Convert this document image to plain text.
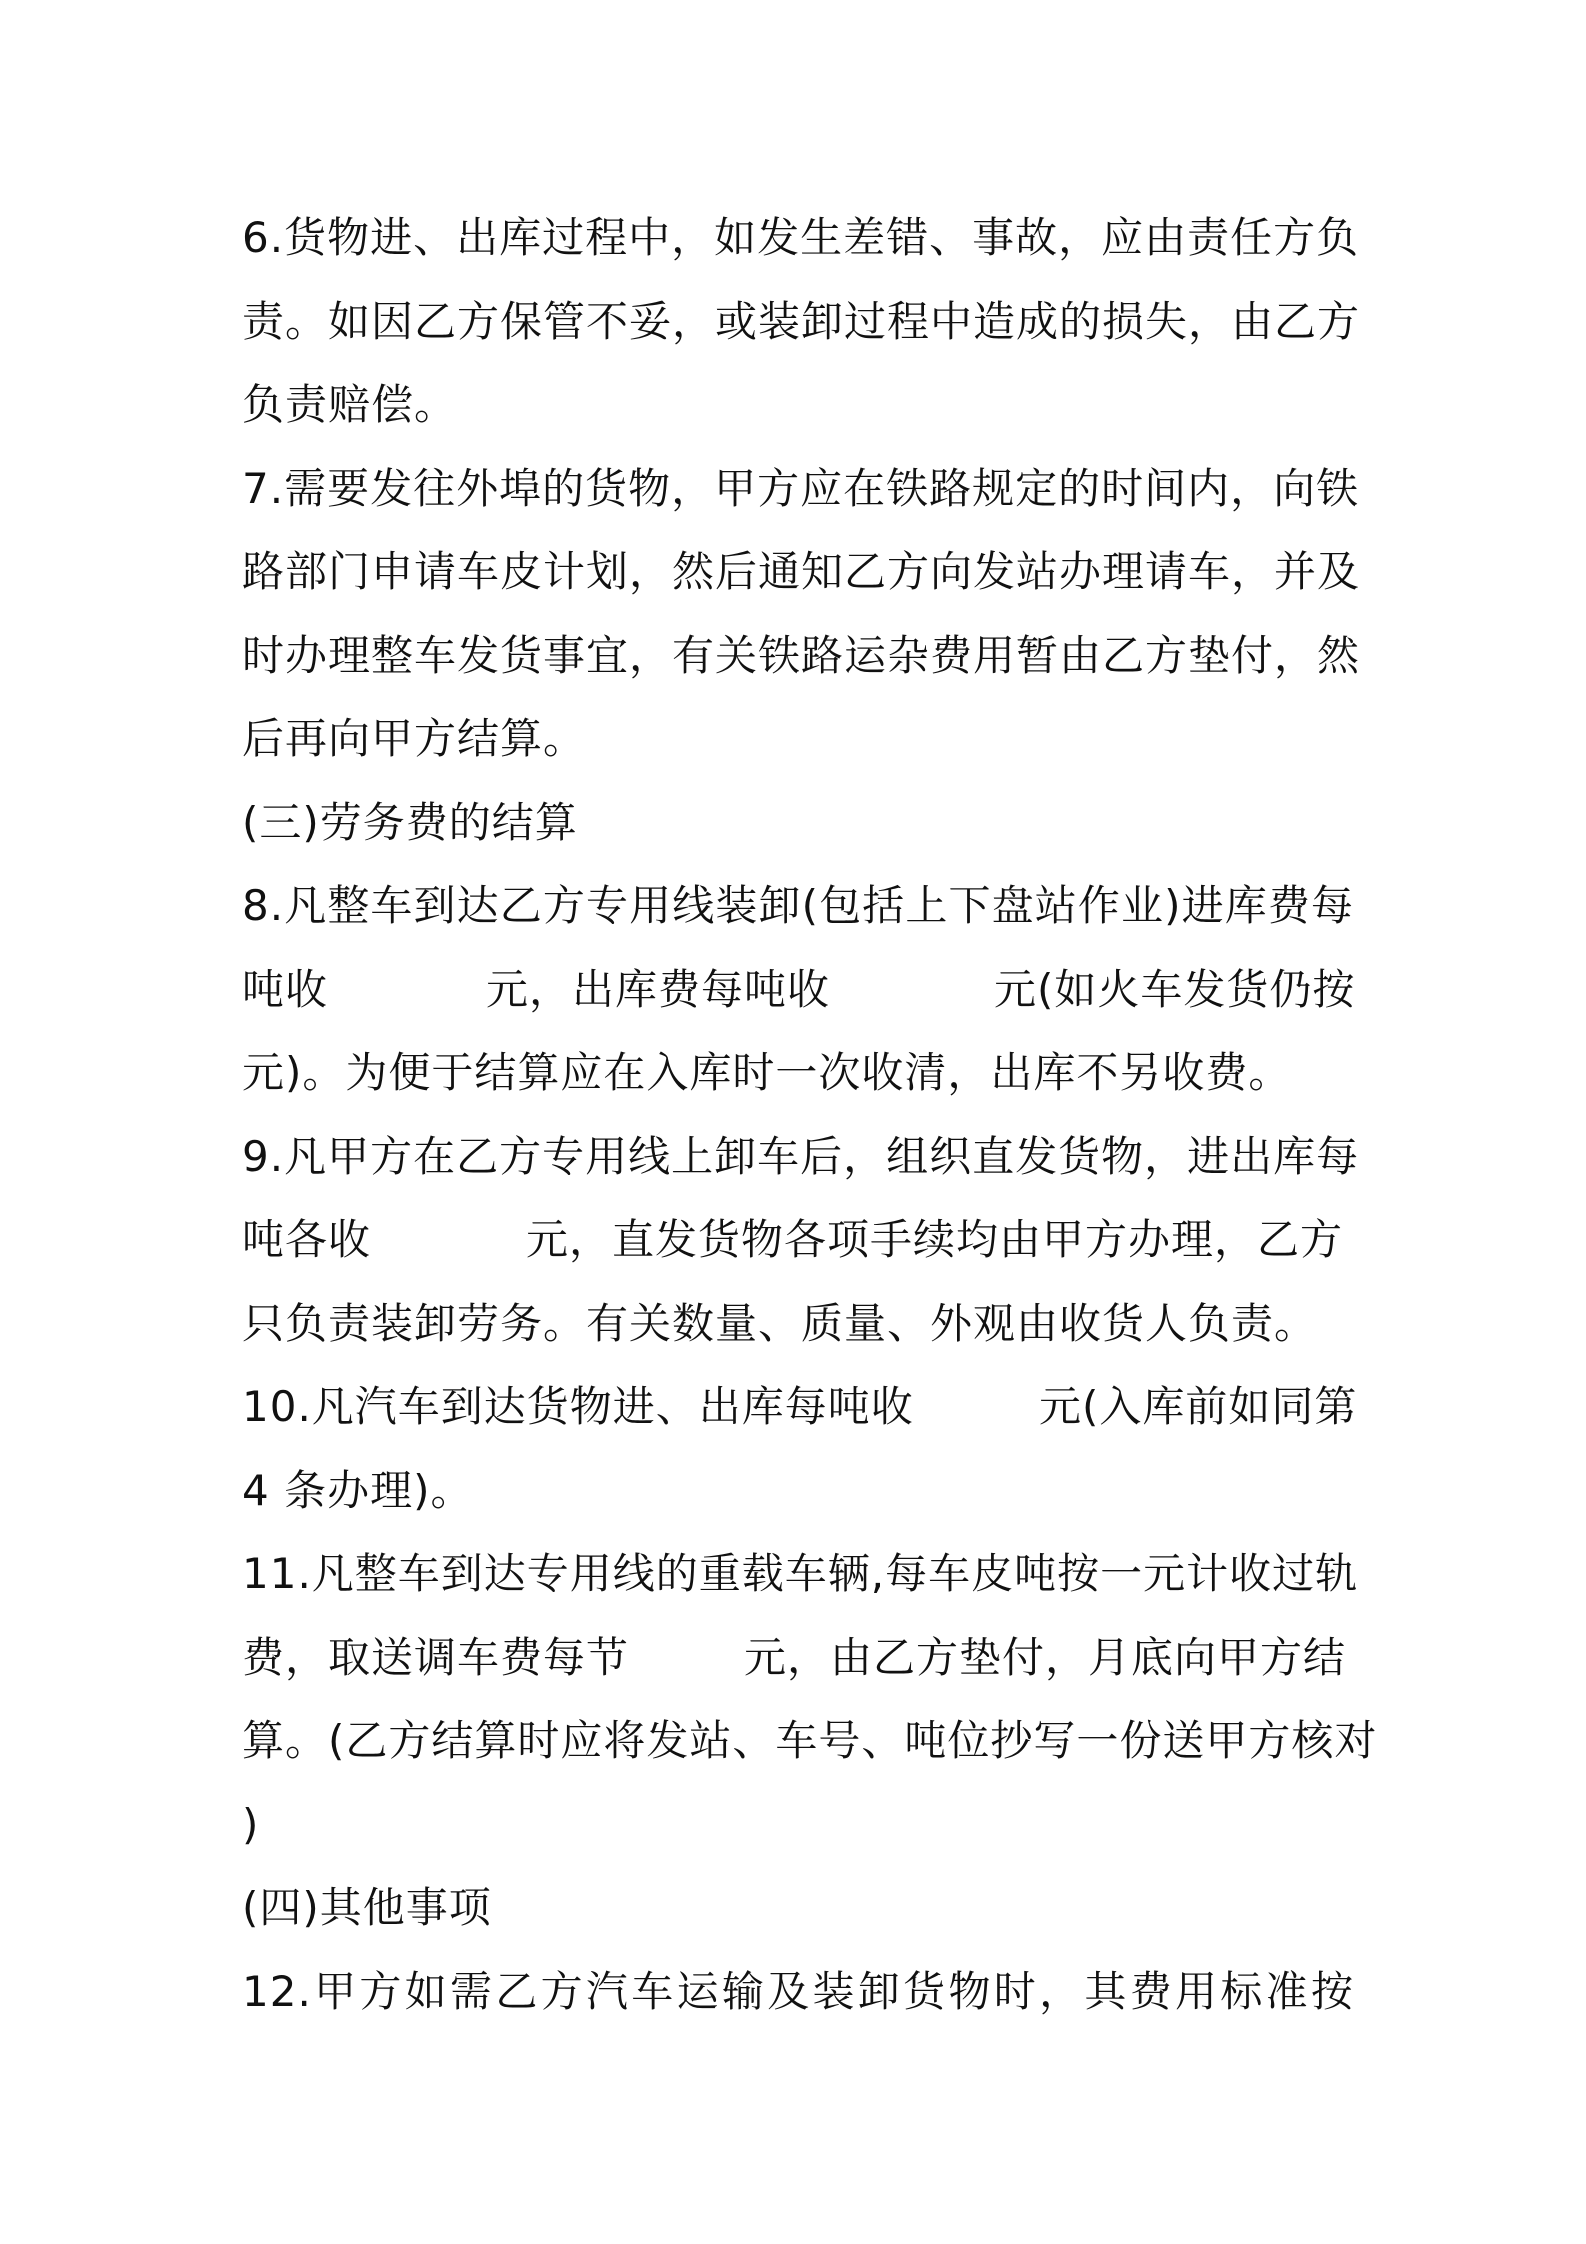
6.货物进、出库过程中，如发生差错、事故，应由责任方负
责。如因乙方保管不妥，或装卸过程中造成的损失，由乙方
负责赔偿。
7.需要发往外埠的货物，甲方应在铁路规定的时间内，向铁
路部门申请车皮计划，然后通知乙方向发站办理请车，并及
时办理整车发货事宜，有关铁路运杂费用暂由乙方垫付，然
后再向甲方结算。
(三)劳务费的结算
8.凡整车到达乙方专用线装卸(包括上下盘站作业)进库费每
吨收	元，出库费每吨收	元(如火车发货仍按
元)。为便于结算应在入库时一次收清，出库不另收费。
9.凡甲方在乙方专用线上卸车后，组织直发货物，进出库每
吨各收	元，直发货物各项手续均由甲方办理，乙方
只负责装卸劳务。有关数量、质量、外观由收货人负责。
10.凡汽车到达货物进、出库每吨收	元(入库前如同第
4 条办理)。
11.凡整车到达专用线的重载车辆,每车皮吨按一元计收过轨
费，取送调车费每节	元，由乙方垫付，月底向甲方结
算。(乙方结算时应将发站、车号、吨位抄写一份送甲方核对
)
(四)其他事项
12.甲方如需乙方汽车运输及装卸货物时，其费用标准按
